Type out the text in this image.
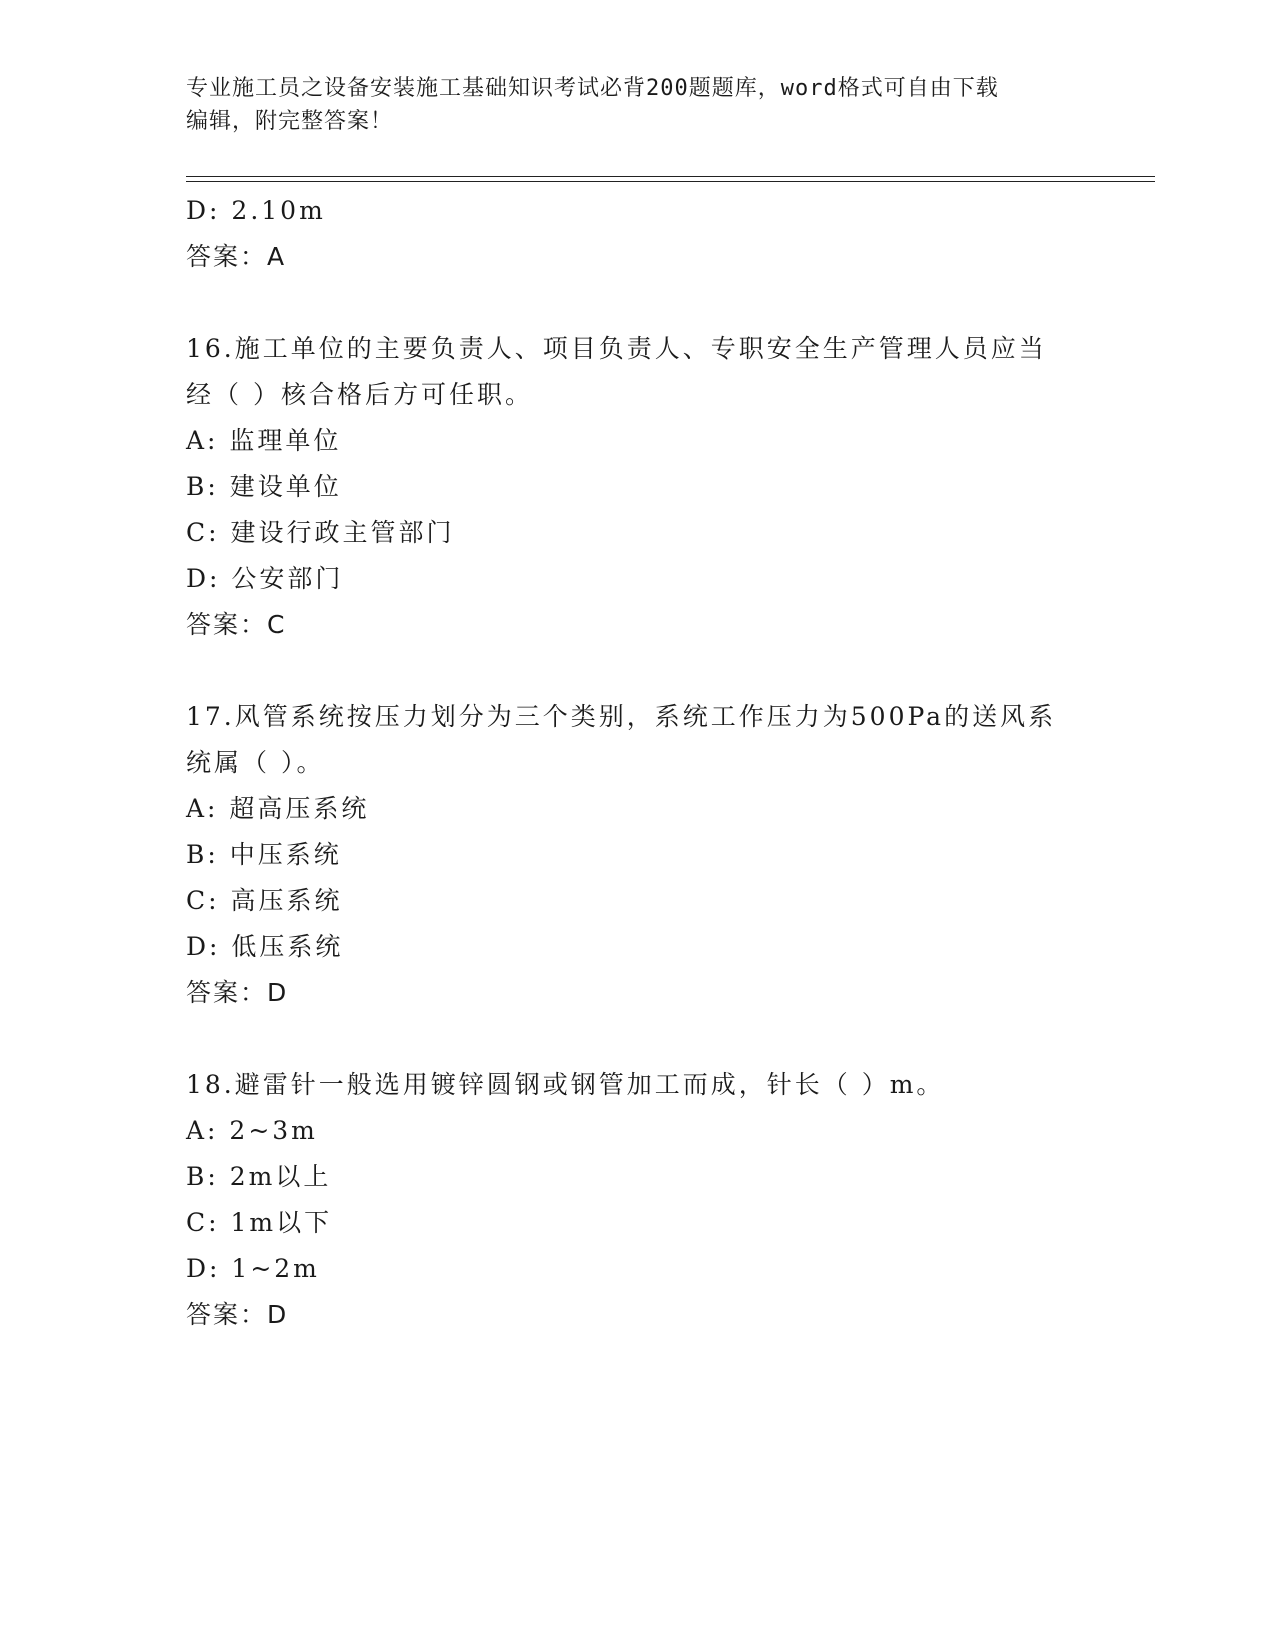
专业施工员之设备安装施工基础知识考试必背200题题库，word格式可自由下载
编辑，附完整答案！
D: 2.10m
答案：A
16.施工单位的主要负责人、项目负责人、专职安全生产管理人员应当
经（ ）核合格后方可任职。
A: 监理单位
B: 建设单位
C: 建设行政主管部门
D: 公安部门
答案：C
17.风管系统按压力划分为三个类别，系统工作压力为500Pa的送风系
统属（ ）。
A: 超高压系统
B: 中压系统
C: 高压系统
D: 低压系统
答案：D
18.避雷针一般选用镀锌圆钢或钢管加工而成，针长（ ）m。
A: 2~3m
B: 2m以上
C: 1m以下
D: 1~2m
答案：D
